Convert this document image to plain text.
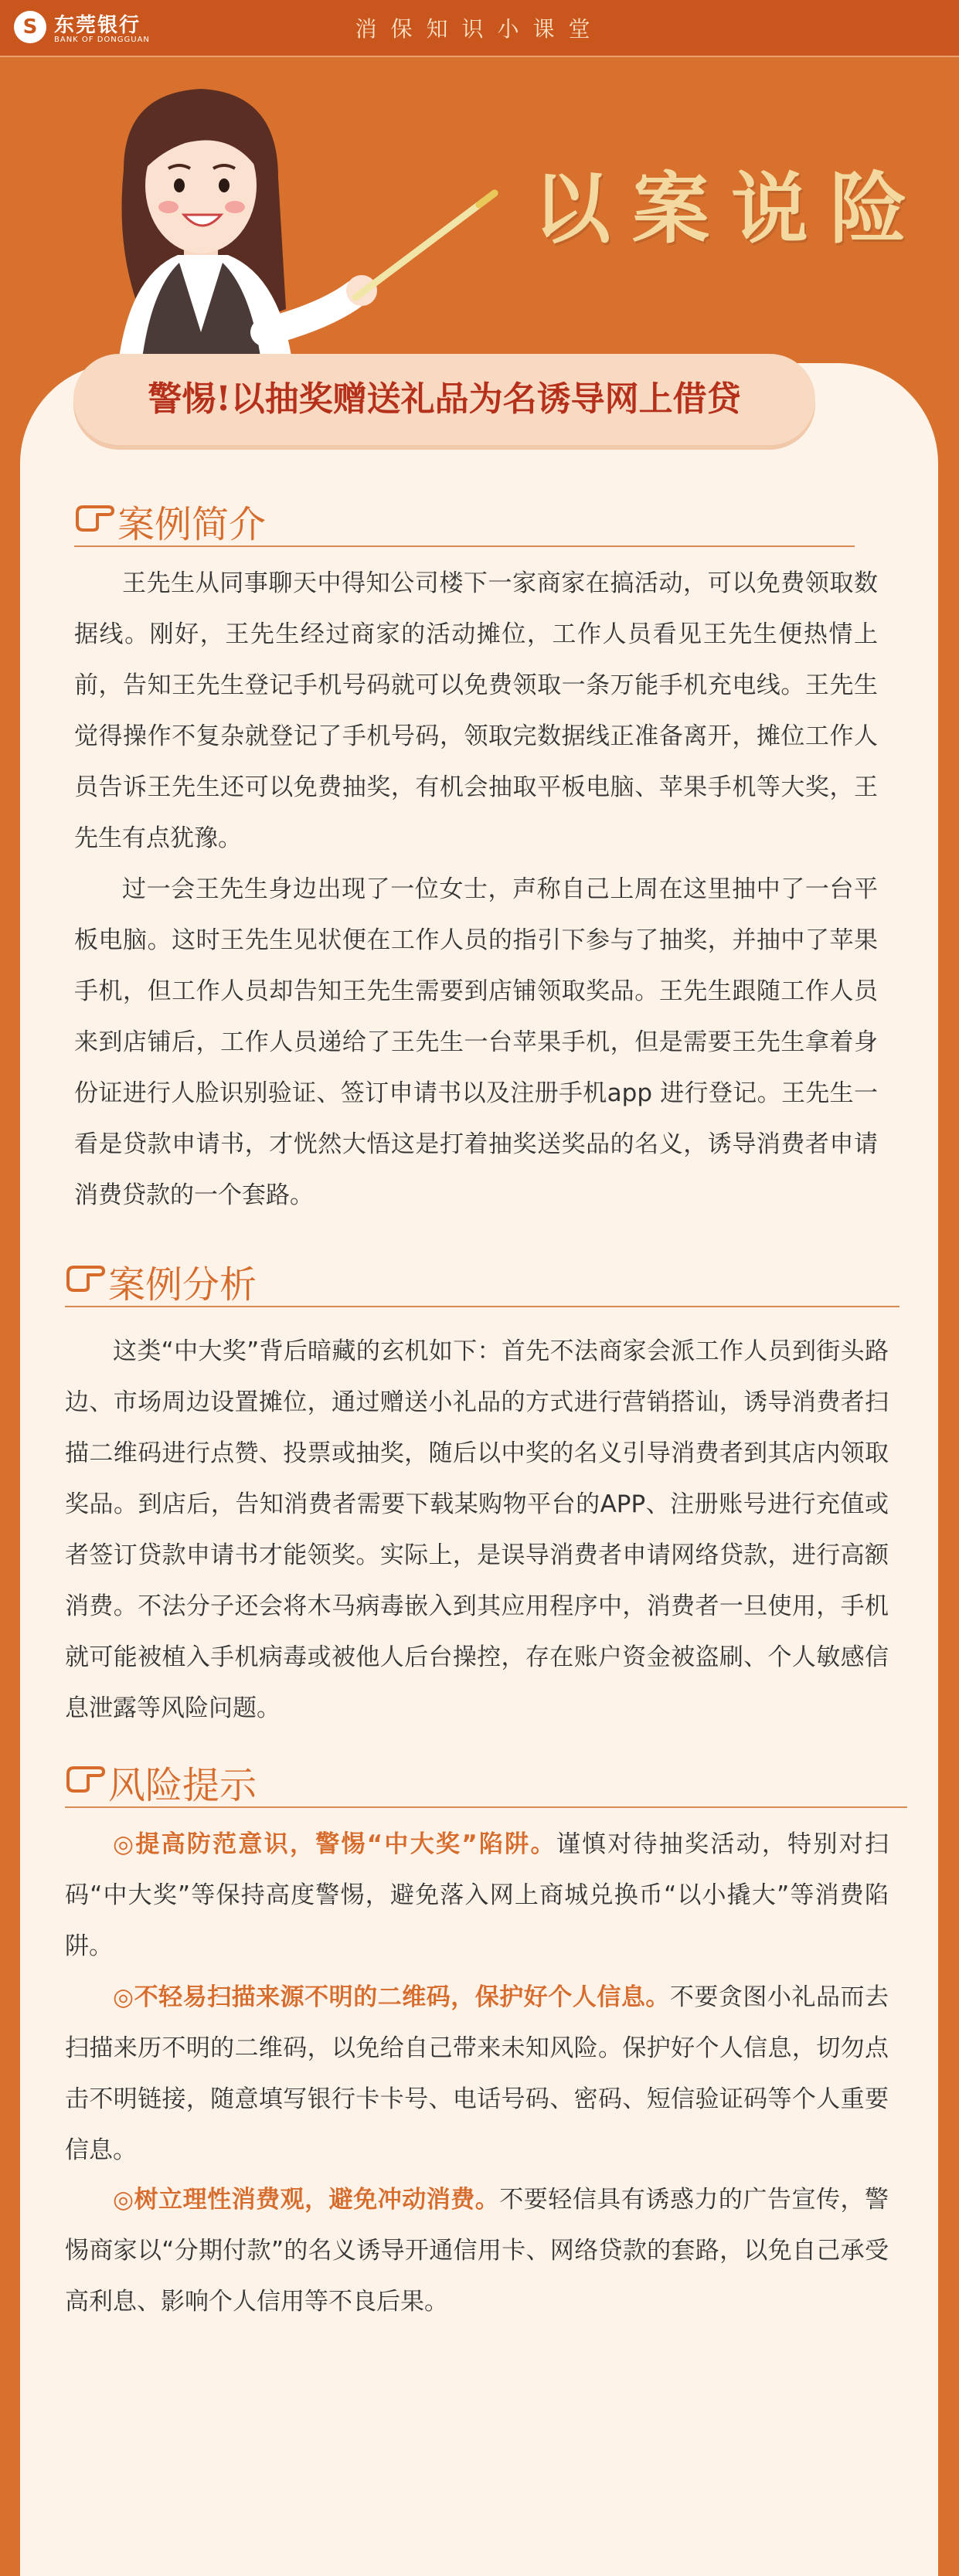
S 东莞银行
BANK OF DONGGUAN	消保知识小课堂
以案说险
警惕!以抽奖赠送礼品为名诱导网上借贷
案例简介

王先生从同事聊天中得知公司楼下一家商家在搞活动，可以免费领取数据线。刚好，王先生经过商家的活动摊位，工作人员看见王先生便热情上前，告知王先生登记手机号码就可以免费领取一条万能手机充电线。王先生觉得操作不复杂就登记了手机号码，领取完数据线正准备离开，摊位工作人员告诉王先生还可以免费抽奖，有机会抽取平板电脑、苹果手机等大奖，王先生有点犹豫。

过一会王先生身边出现了一位女士，声称自己上周在这里抽中了一台平板电脑。这时王先生见状便在工作人员的指引下参与了抽奖，并抽中了苹果手机，但工作人员却告知王先生需要到店铺领取奖品。王先生跟随工作人员来到店铺后，工作人员递给了王先生一台苹果手机，但是需要王先生拿着身份证进行人脸识别验证、签订申请书以及注册手机app 进行登记。王先生一看是贷款申请书，才恍然大悟这是打着抽奖送奖品的名义，诱导消费者申请消费贷款的一个套路。

案例分析

这类“中大奖”背后暗藏的玄机如下：首先不法商家会派工作人员到街头路边、市场周边设置摊位，通过赠送小礼品的方式进行营销搭讪，诱导消费者扫描二维码进行点赞、投票或抽奖，随后以中奖的名义引导消费者到其店内领取奖品。到店后，告知消费者需要下载某购物平台的APP、注册账号进行充值或者签订贷款申请书才能领奖。实际上，是误导消费者申请网络贷款，进行高额消费。不法分子还会将木马病毒嵌入到其应用程序中，消费者一旦使用，手机就可能被植入手机病毒或被他人后台操控，存在账户资金被盗刷、个人敏感信息泄露等风险问题。

风险提示

◎提高防范意识，警惕“中大奖”陷阱。谨慎对待抽奖活动，特别对扫码“中大奖”等保持高度警惕，避免落入网上商城兑换币“以小撬大”等消费陷阱。

◎不轻易扫描来源不明的二维码，保护好个人信息。不要贪图小礼品而去扫描来历不明的二维码，以免给自己带来未知风险。保护好个人信息，切勿点击不明链接，随意填写银行卡卡号、电话号码、密码、短信验证码等个人重要信息。

◎树立理性消费观，避免冲动消费。不要轻信具有诱惑力的广告宣传，警惕商家以“分期付款”的名义诱导开通信用卡、网络贷款的套路，以免自己承受高利息、影响个人信用等不良后果。
